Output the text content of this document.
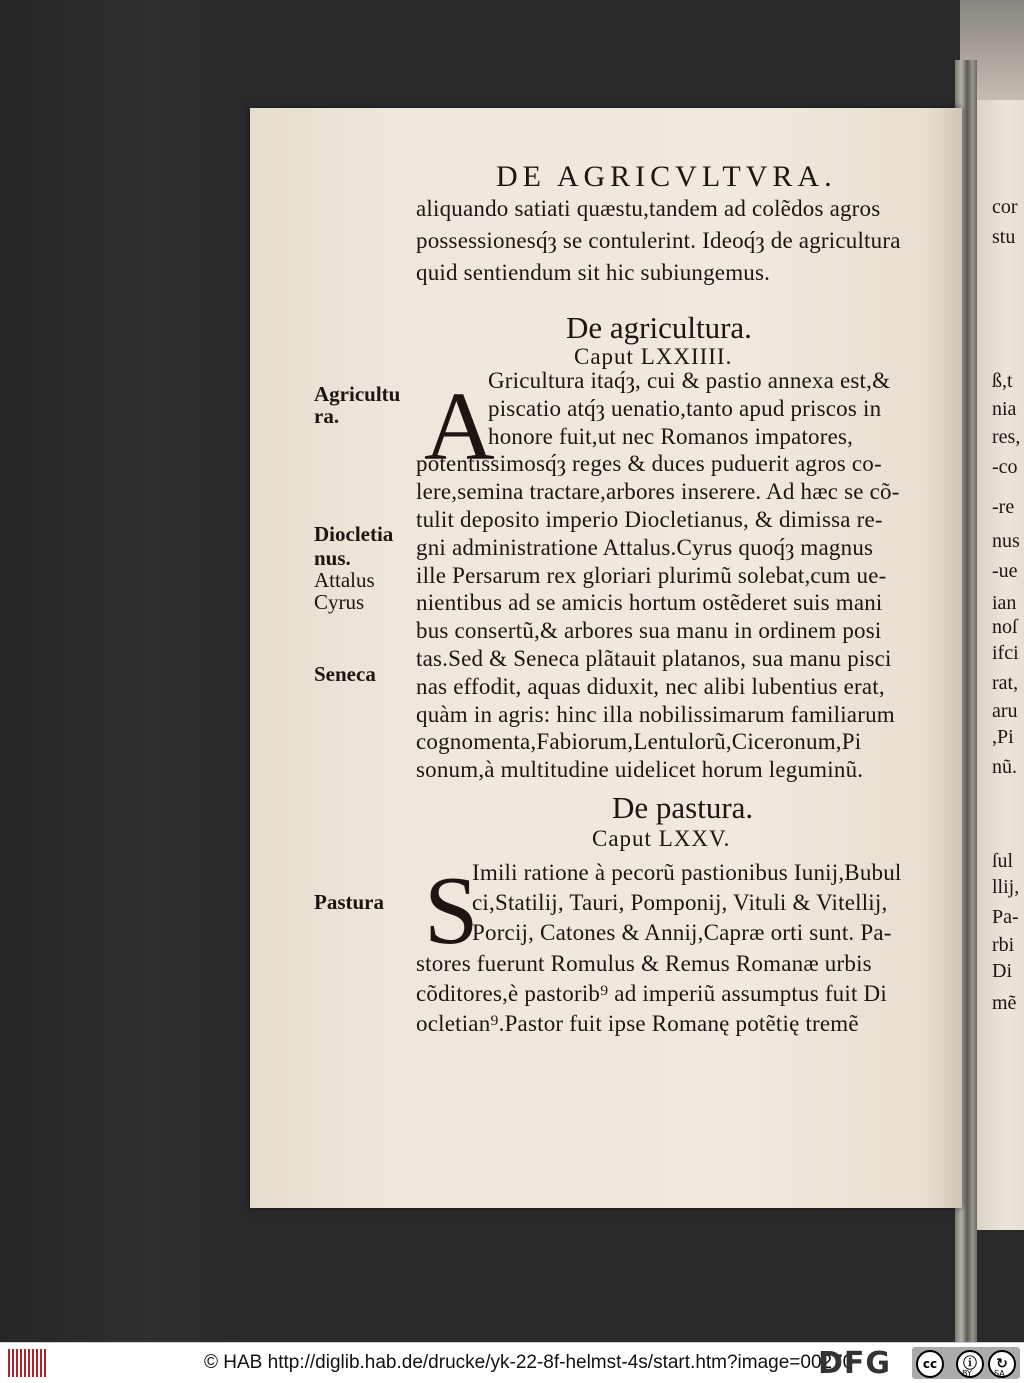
cor
stu
ß,t
nia
res,
-co
-re
nus
-ue
ian
noſ
ifci
rat,
aru
,Pi
nũ.
ſul
llij,
Pa-
rbi
Di
mẽ
DE AGRICVLTVRA.
aliquando satiati quæstu,tandem ad colẽdos agros
possessionesq́ȝ se contulerint. Ideoq́ȝ de agricultura
quid sentiendum sit hic subiungemus.
De agricultura.
Caput LXXIIII.
A
Gricultura itaq́ȝ, cui & pastio annexa est,&
piscatio atq́ȝ uenatio,tanto apud priscos in
honore fuit,ut nec Romanos impatores,
potentissimosq́ȝ reges & duces puduerit agros co-
lere,semina tractare,arbores inserere. Ad hæc se cõ-
tulit deposito imperio Diocletianus, & dimissa re-
gni administratione Attalus.Cyrus quoq́ȝ magnus
ille Persarum rex gloriari plurimũ solebat,cum ue-
nientibus ad se amicis hortum ostẽderet suis mani
bus consertũ,& arbores sua manu in ordinem posi
tas.Sed & Seneca plãtauit platanos, sua manu pisci
nas effodit, aquas diduxit, nec alibi lubentius erat,
quàm in agris: hinc illa nobilissimarum familiarum
cognomenta,Fabiorum,Lentulorũ,Ciceronum,Pi
sonum,à multitudine uidelicet horum leguminũ.
De pastura.
Caput LXXV.
S
Imili ratione à pecorũ pastionibus Iunij,Bubul
ci,Statilij, Tauri, Pomponij, Vituli & Vitellij,
Porcij, Catones & Annij,Capræ orti sunt. Pa-
stores fuerunt Romulus & Remus Romanæ urbis
cõditores,è pastorib⁹ ad imperiũ assumptus fuit Di
ocletian⁹.Pastor fuit ipse Romanę potẽtię tremẽ
Agricultu
ra.
Diocletia
nus.
Attalus
Cyrus
Seneca
Pastura
© HAB http://diglib.hab.de/drucke/yk-22-8f-helmst-4s/start.htm?image=00270
DFG	cc	ⓘ	↻
BY	SA
